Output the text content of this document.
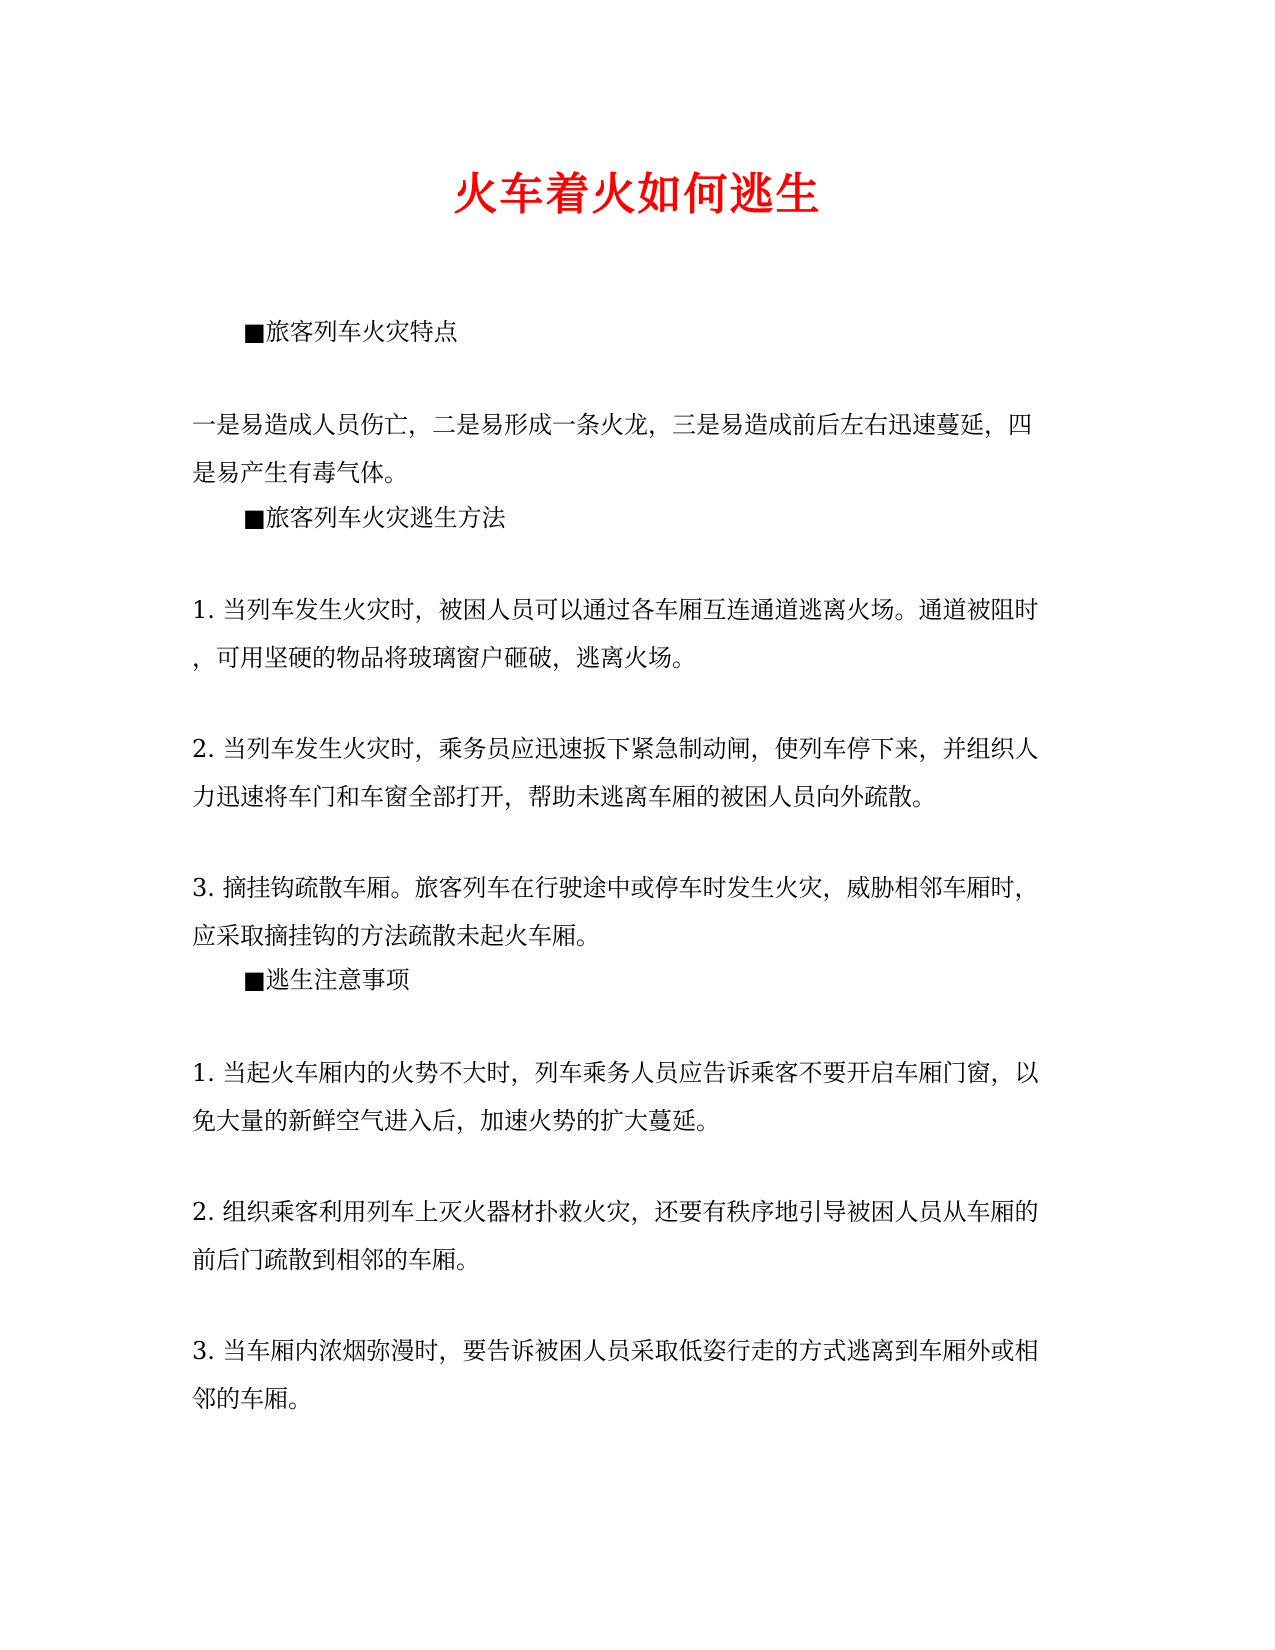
火车着火如何逃生
■旅客列车火灾特点
一是易造成人员伤亡，二是易形成一条火龙，三是易造成前后左右迅速蔓延，四
是易产生有毒气体。
■旅客列车火灾逃生方法
1. 当列车发生火灾时，被困人员可以通过各车厢互连通道逃离火场。通道被阻时
，可用坚硬的物品将玻璃窗户砸破，逃离火场。
2. 当列车发生火灾时，乘务员应迅速扳下紧急制动闸，使列车停下来，并组织人
力迅速将车门和车窗全部打开，帮助未逃离车厢的被困人员向外疏散。
3. 摘挂钩疏散车厢。旅客列车在行驶途中或停车时发生火灾，威胁相邻车厢时，
应采取摘挂钩的方法疏散未起火车厢。
■逃生注意事项
1. 当起火车厢内的火势不大时，列车乘务人员应告诉乘客不要开启车厢门窗，以
免大量的新鲜空气进入后，加速火势的扩大蔓延。
2. 组织乘客利用列车上灭火器材扑救火灾，还要有秩序地引导被困人员从车厢的
前后门疏散到相邻的车厢。
3. 当车厢内浓烟弥漫时，要告诉被困人员采取低姿行走的方式逃离到车厢外或相
邻的车厢。
